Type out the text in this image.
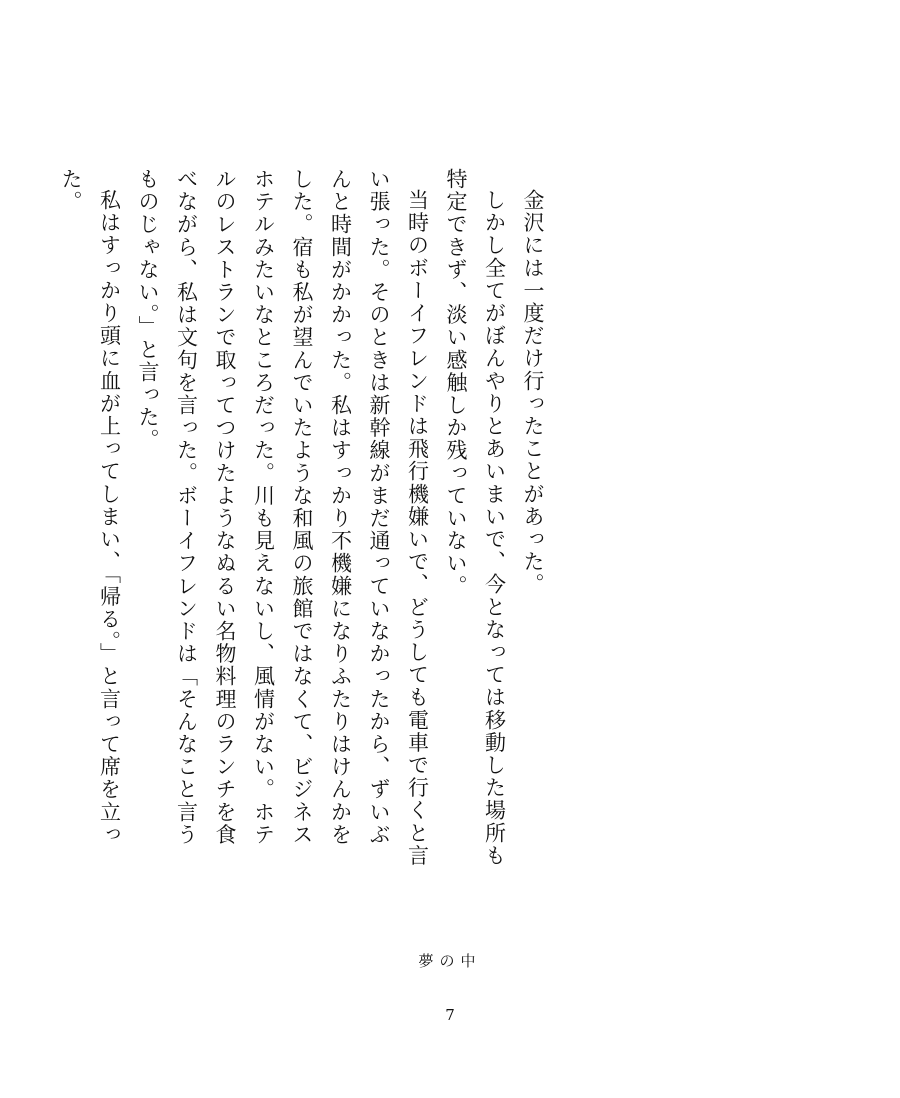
金沢には一度だけ行ったことがあった。

しかし全てがぼんやりとあいまいで、今となっては移動した場所も特定できず、淡い感触しか残っていない。

当時のボーイフレンドは飛行機嫌いで、どうしても電車で行くと言い張った。そのときは新幹線がまだ通っていなかったから、ずいぶんと時間がかかった。私はすっかり不機嫌になりふたりはけんかをした。宿も私が望んでいたような和風の旅館ではなくて、ビジネスホテルみたいなところだった。川も見えないし、風情がない。ホテルのレストランで取ってつけたようなぬるい名物料理のランチを食べながら、私は文句を言った。ボーイフレンドは「そんなこと言うものじゃない。」と言った。

私はすっかり頭に血が上ってしまい、「帰る。」と言って席を立った。

夢の中
7
